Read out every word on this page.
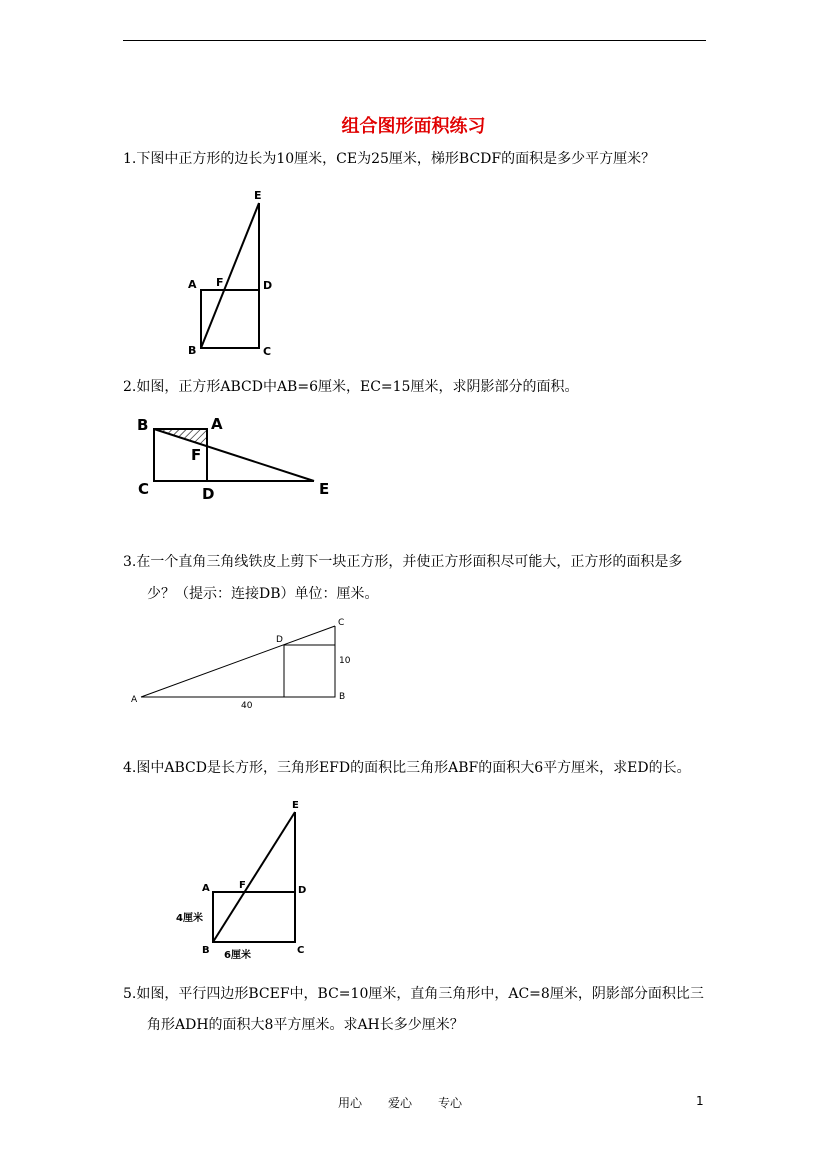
组合图形面积练习
1.下图中正方形的边长为10厘米，CE为25厘米，梯形BCDF的面积是多少平方厘米？
E
A F	D
B	C
2.如图，正方形ABCD中AB=6厘米，EC=15厘米，求阴影部分的面积。
B	A
F
C	D	E
3.在一个直角三角线铁皮上剪下一块正方形，并使正方形面积尽可能大，正方形的面积是多
少？（提示：连接DB）单位：厘米。
D
C
A	B
10
40
4.图中ABCD是长方形，三角形EFD的面积比三角形ABF的面积大6平方厘米，求ED的长。
E
A	F	D
B	C
4厘米
6厘米
5.如图，平行四边形BCEF中，BC=10厘米，直角三角形中，AC=8厘米，阴影部分面积比三
角形ADH的面积大8平方厘米。求AH长多少厘米？
用心 爱心 专心	1
